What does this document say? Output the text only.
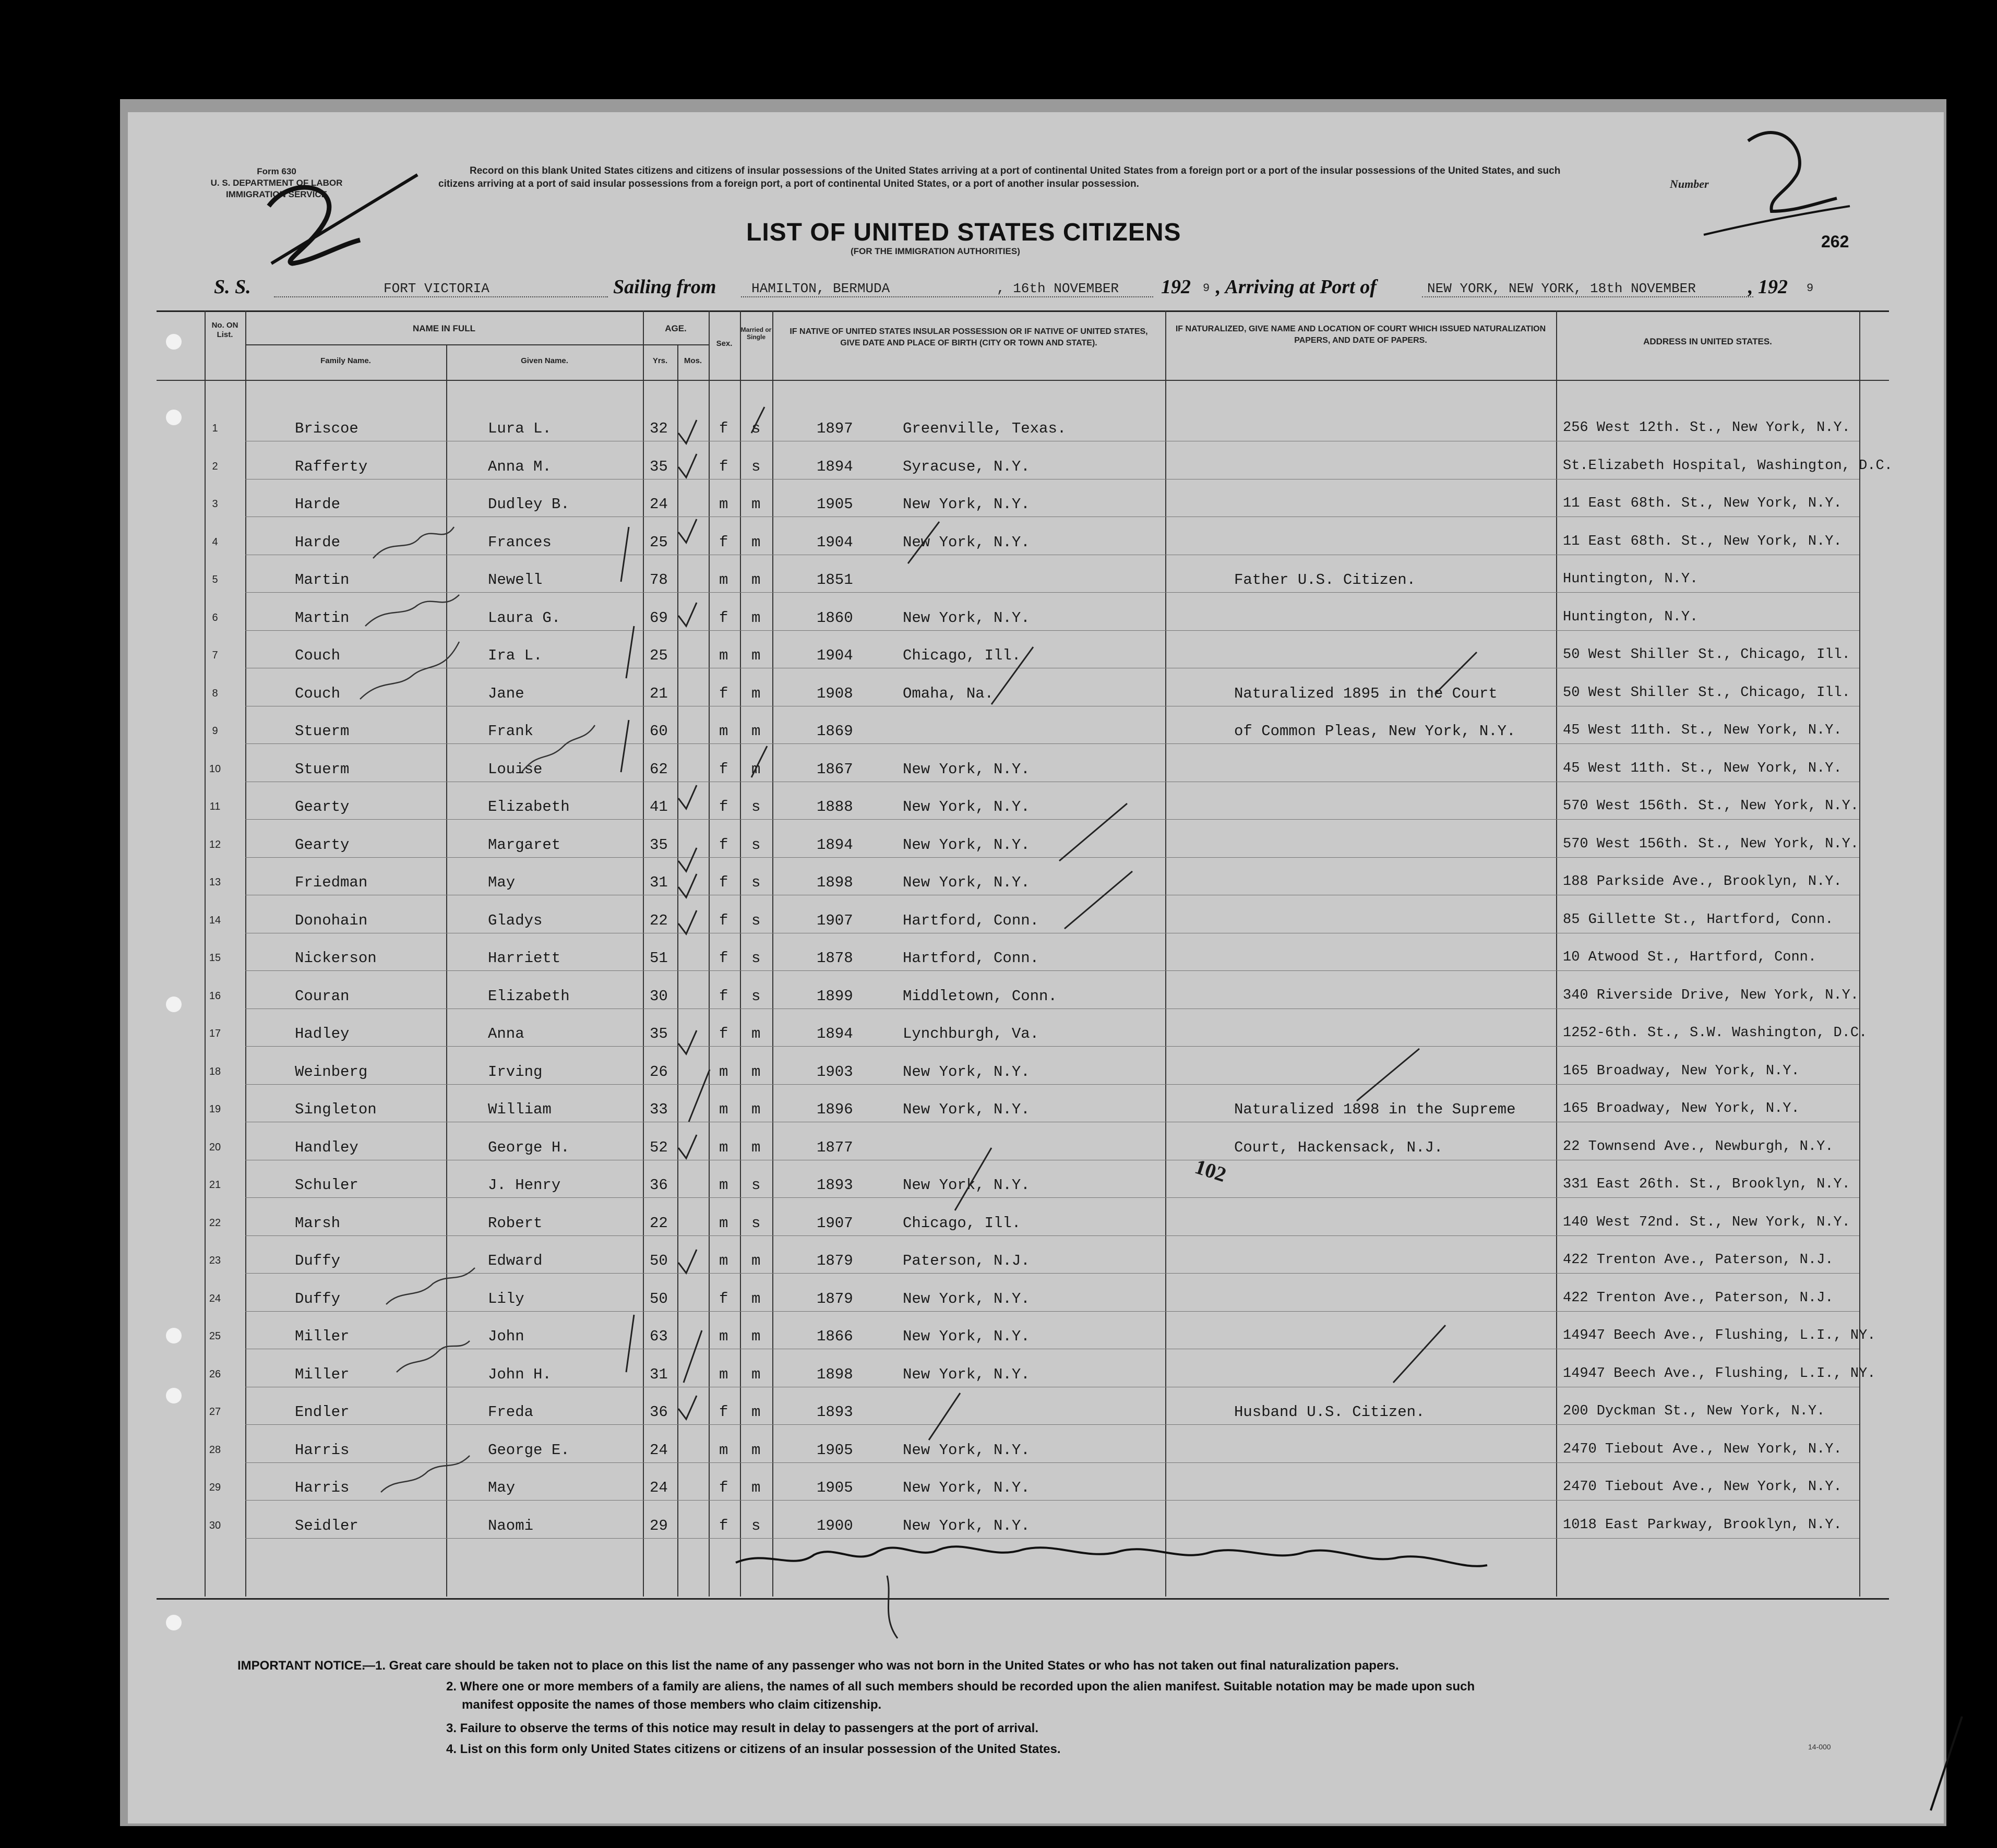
Form 630
U. S. DEPARTMENT OF LABOR
IMMIGRATION SERVICE
Record on this blank United States citizens and citizens of insular possessions of the United States arriving at a port of continental United States from a foreign port or a port of the insular possessions of the United States, and such citizens arriving at a port of said insular possessions from a foreign port, a port of continental United States, or a port of another insular possession.	Number
LIST OF UNITED STATES CITIZENS
(FOR THE IMMIGRATION AUTHORITIES)
262
S. S.	FORT VICTORIA	Sailing from	HAMILTON, BERMUDA	, 16th NOVEMBER 192 9 , Arriving at Port of	NEW YORK, NEW YORK, 18th NOVEMBER	, 192 9
No. ON List.
NAME IN FULL
Family Name.	Given Name.
AGE.
Yrs.	Mos.
Sex.
Married or Single
IF NATIVE OF UNITED STATES INSULAR POSSESSION OR IF NATIVE OF UNITED STATES, GIVE DATE AND PLACE OF BIRTH (CITY OR TOWN AND STATE).
IF NATURALIZED, GIVE NAME AND LOCATION OF COURT WHICH ISSUED NATURALIZATION PAPERS, AND DATE OF PAPERS.	ADDRESS IN UNITED STATES.
1	Briscoe	Lura L.	32	f s	1897	Greenville, Texas.	256 West 12th. St., New York, N.Y.
2	Rafferty	Anna M.	35	f s	1894	Syracuse, N.Y.	St.Elizabeth Hospital, Washington, D.C.
3	Harde	Dudley B.	24	m m	1905	New York, N.Y.	11 East 68th. St., New York, N.Y.
4	Harde	Frances	25	f m	1904	New York, N.Y.	11 East 68th. St., New York, N.Y.
5	Martin	Newell	78	m m	1851	Father U.S. Citizen.	Huntington, N.Y.
6	Martin	Laura G.	69	f m	1860	New York, N.Y.	Huntington, N.Y.
7	Couch	Ira L.	25	m m	1904	Chicago, Ill.	50 West Shiller St., Chicago, Ill.
8	Couch	Jane	21	f m	1908	Omaha, Na.	Naturalized 1895 in the Court	50 West Shiller St., Chicago, Ill.
9	Stuerm	Frank	60	m m	1869	of Common Pleas, New York, N.Y.	45 West 11th. St., New York, N.Y.
10	Stuerm	Louise	62	f m	1867	New York, N.Y.	45 West 11th. St., New York, N.Y.
11	Gearty	Elizabeth	41	f s	1888	New York, N.Y.	570 West 156th. St., New York, N.Y.
12	Gearty	Margaret	35	f s	1894	New York, N.Y.	570 West 156th. St., New York, N.Y.
13	Friedman	May	31	f s	1898	New York, N.Y.	188 Parkside Ave., Brooklyn, N.Y.
14	Donohain	Gladys	22	f s	1907	Hartford, Conn.	85 Gillette St., Hartford, Conn.
15	Nickerson	Harriett	51	f s	1878	Hartford, Conn.	10 Atwood St., Hartford, Conn.
16	Couran	Elizabeth	30	f s	1899	Middletown, Conn.	340 Riverside Drive, New York, N.Y.
17	Hadley	Anna	35	f m	1894	Lynchburgh, Va.	1252-6th. St., S.W. Washington, D.C.
18	Weinberg	Irving	26	m m	1903	New York, N.Y.	165 Broadway, New York, N.Y.
19	Singleton	William	33	m m	1896	New York, N.Y.	Naturalized 1898 in the Supreme	165 Broadway, New York, N.Y.
20	Handley	George H.	52	m m	1877	Court, Hackensack, N.J.	22 Townsend Ave., Newburgh, N.Y.
21	Schuler	J. Henry	36	m s	1893	New York, N.Y.	331 East 26th. St., Brooklyn, N.Y.
22	Marsh	Robert	22	m s	1907	Chicago, Ill.	140 West 72nd. St., New York, N.Y.
23	Duffy	Edward	50	m m	1879	Paterson, N.J.	422 Trenton Ave., Paterson, N.J.
24	Duffy	Lily	50	f m	1879	New York, N.Y.	422 Trenton Ave., Paterson, N.J.
25	Miller	John	63	m m	1866	New York, N.Y.	14947 Beech Ave., Flushing, L.I., NY.
26	Miller	John H.	31	m m	1898	New York, N.Y.	14947 Beech Ave., Flushing, L.I., NY.
27	Endler	Freda	36	f m	1893	Husband U.S. Citizen.	200 Dyckman St., New York, N.Y.
28	Harris	George E.	24	m m	1905	New York, N.Y.	2470 Tiebout Ave., New York, N.Y.
29	Harris	May	24	f m	1905	New York, N.Y.	2470 Tiebout Ave., New York, N.Y.
30	Seidler	Naomi	29	f s	1900	New York, N.Y.	1018 East Parkway, Brooklyn, N.Y.
102
IMPORTANT NOTICE.
—1. Great care should be taken not to place on this list the name of any passenger who was not born in the United States or who has not taken out final naturalization papers.
2. Where one or more members of a family are aliens, the names of all such members should be recorded upon the alien manifest. Suitable notation may be made upon such
manifest opposite the names of those members who claim citizenship.
3. Failure to observe the terms of this notice may result in delay to passengers at the port of arrival.
4. List on this form only United States citizens or citizens of an insular possession of the United States.	14-000
